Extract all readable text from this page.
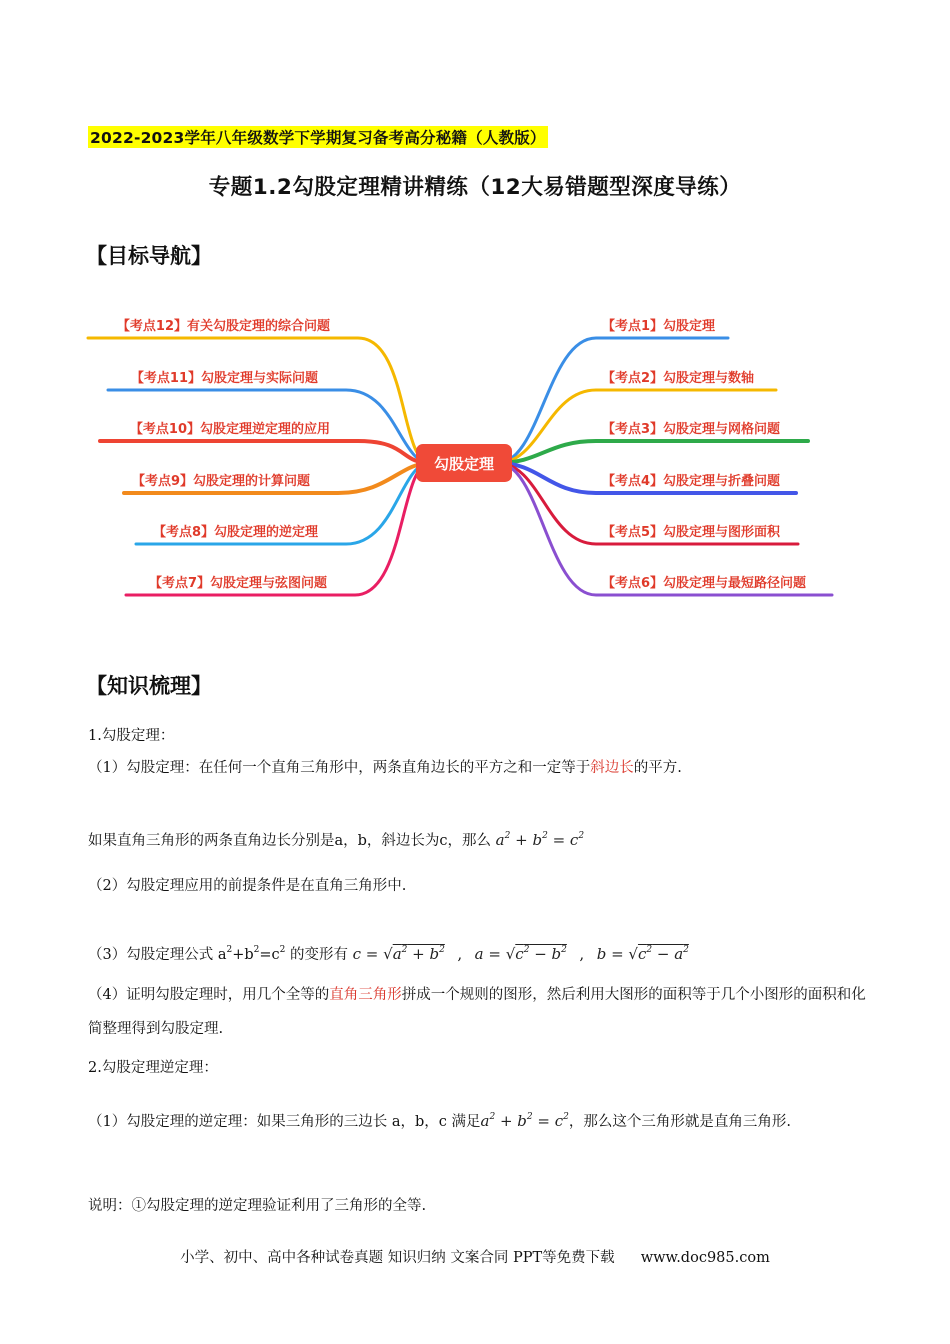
2022-2023学年八年级数学下学期复习备考高分秘籍（人教版）
专题1.2勾股定理精讲精练（12大易错题型深度导练）
【目标导航】
【考点12】有关勾股定理的综合问题
【考点11】勾股定理与实际问题
【考点10】勾股定理逆定理的应用
【考点9】勾股定理的计算问题
【考点8】勾股定理的逆定理
【考点7】勾股定理与弦图问题
【考点1】勾股定理
【考点2】勾股定理与数轴
【考点3】勾股定理与网格问题
【考点4】勾股定理与折叠问题
【考点5】勾股定理与图形面积
【考点6】勾股定理与最短路径问题
勾股定理
【知识梳理】
1.勾股定理：
（1）勾股定理：在任何一个直角三角形中，两条直角边长的平方之和一定等于斜边长的平方.
如果直角三角形的两条直角边长分别是a，b，斜边长为c，那么 $a^2 + b^2 = c^2$
（2）勾股定理应用的前提条件是在直角三角形中.
（3）勾股定理公式 $a^2+b^2=c^2$ 的变形有 $c = √a^2 + b^2$ , $a = √c^2 - b^2$ , $b = √c^2 - a^2$
（4）证明勾股定理时，用几个全等的直角三角形拼成一个规则的图形，然后利用大图形的面积等于几个小图形的面积和化简整理得到勾股定理.
2.勾股定理逆定理：
（1）勾股定理的逆定理：如果三角形的三边长 a，b，c 满足$a^2 + b^2 = c^2$，那么这个三角形就是直角三角形.
说明：①勾股定理的逆定理验证利用了三角形的全等.
小学、初中、高中各种试卷真题 知识归纳 文案合同 PPT等免费下载 www.doc985.com
